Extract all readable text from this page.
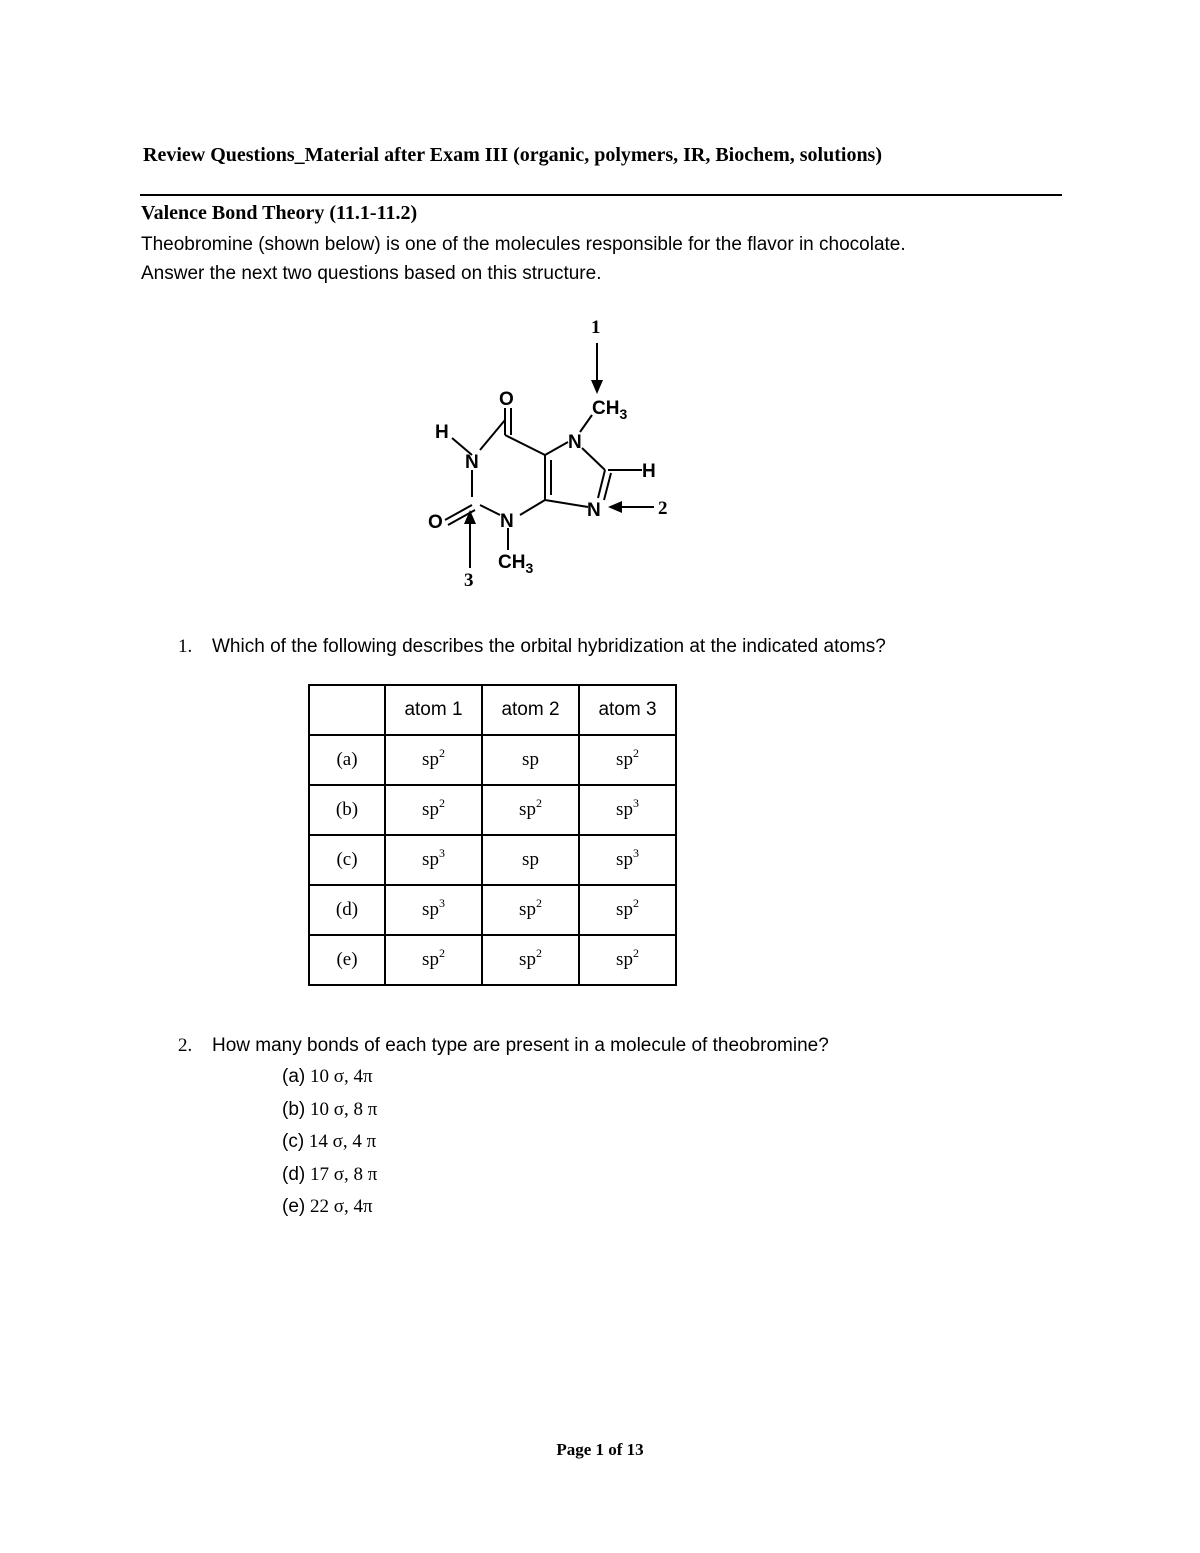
Review Questions_Material after Exam III (organic, polymers, IR, Biochem, solutions)
Valence Bond Theory (11.1-11.2)
Theobromine (shown below) is one of the molecules responsible for the flavor in chocolate.
Answer the next two questions based on this structure.
O
H
N
N
$CH_3$
H
N
N
O
$CH_3$
1
2
3
1. Which of the following describes the orbital hybridization at the indicated atoms?
	atom 1	atom 2	atom 3
(a)	$sp^2$	sp	$sp^2$
(b)	$sp^2$	$sp^2$	$sp^3$
(c)	$sp^3$	sp	$sp^3$
(d)	$sp^3$	$sp^2$	$sp^2$
(e)	$sp^2$	$sp^2$	$sp^2$
2. How many bonds of each type are present in a molecule of theobromine?
(a) 10 σ, 4π
(b) 10 σ, 8 π
(c) 14 σ, 4 π
(d) 17 σ, 8 π
(e) 22 σ, 4π
Page 1 of 13
